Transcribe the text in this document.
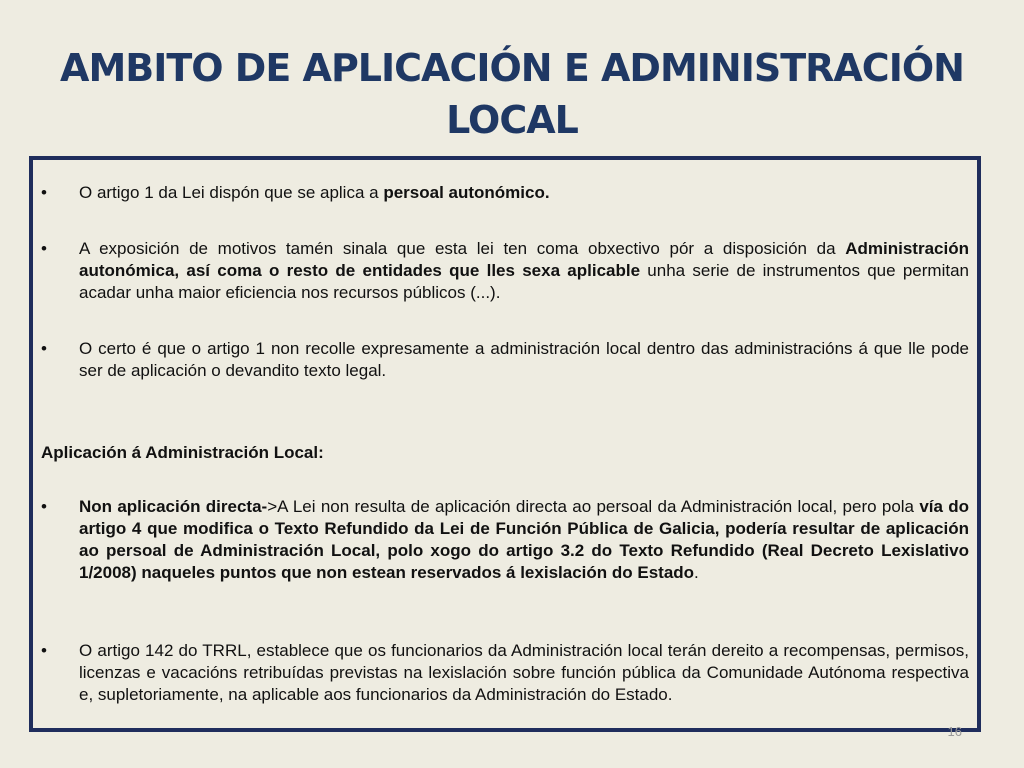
AMBITO DE APLICACIÓN E ADMINISTRACIÓN LOCAL
• O artigo 1 da Lei dispón que se aplica a persoal autonómico.
• A exposición de motivos tamén sinala que esta lei ten coma obxectivo pór a disposición da Administración autonómica, así coma o resto de entidades que lles sexa aplicable unha serie de instrumentos que permitan acadar unha maior eficiencia nos recursos públicos (...).
• O certo é que o artigo 1 non recolle expresamente a administración local dentro das administracións á que lle pode ser de aplicación o devandito texto legal.
Aplicación á Administración Local:
• Non aplicación directa->A Lei non resulta de aplicación directa ao persoal da Administración local, pero pola vía do artigo 4 que modifica o Texto Refundido da Lei de Función Pública de Galicia, podería resultar de aplicación ao persoal de Administración Local, polo xogo do artigo 3.2 do Texto Refundido (Real Decreto Lexislativo 1/2008) naqueles puntos que non estean reservados á lexislación do Estado.
• O artigo 142 do TRRL, establece que os funcionarios da Administración local terán dereito a recompensas, permisos, licenzas e vacacións retribuídas previstas na lexislación sobre función pública da Comunidade Autónoma respectiva e, supletoriamente, na aplicable aos funcionarios da Administración do Estado.
16
